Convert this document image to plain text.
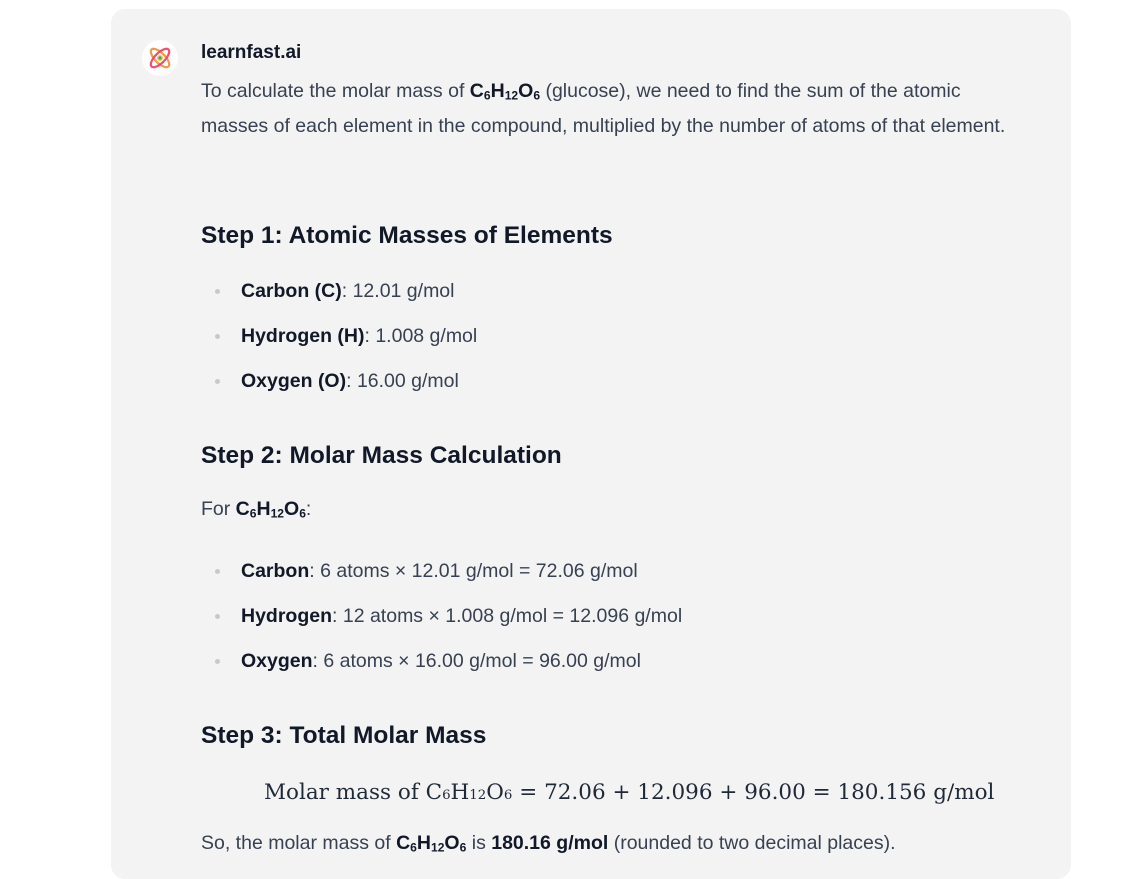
learnfast.ai

To calculate the molar mass of $C_6H_{12}O_6$ (glucose), we need to find the sum of the atomic masses of each element in the compound, multiplied by the number of atoms of that element.

Step 1: Atomic Masses of Elements
Carbon (C): 12.01 g/mol
Hydrogen (H): 1.008 g/mol
Oxygen (O): 16.00 g/mol
Step 2: Molar Mass Calculation

For $C_6H_{12}O_6$:

Carbon: 6 atoms × 12.01 g/mol = 72.06 g/mol
Hydrogen: 12 atoms × 1.008 g/mol = 12.096 g/mol
Oxygen: 6 atoms × 16.00 g/mol = 96.00 g/mol
Step 3: Total Molar Mass
Molar mass of C6H12O6 = 72.06 + 12.096 + 96.00 = 180.156 g/mol

So, the molar mass of $C_6H_{12}O_6$ is 180.16 g/mol (rounded to two decimal places).
